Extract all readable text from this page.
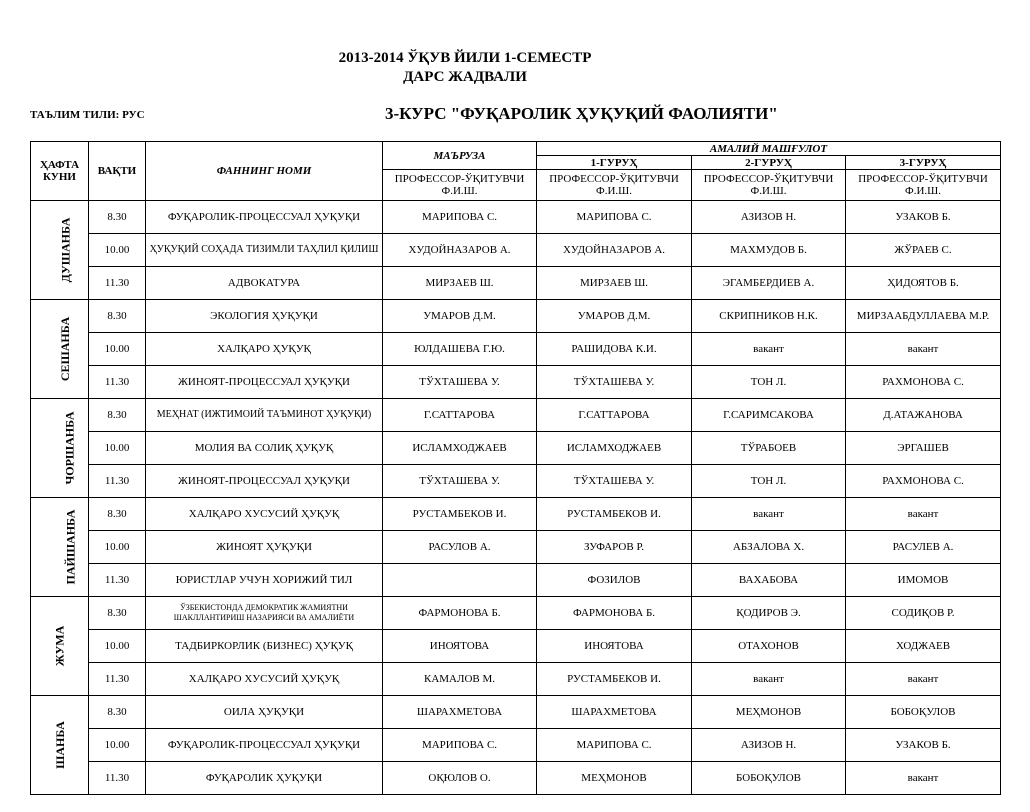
2013-2014 ЎҚУВ ЙИЛИ 1-СЕМЕСТР
ДАРС ЖАДВАЛИ
ТАЪЛИМ ТИЛИ: РУС	3-КУРС "ФУҚАРОЛИК ҲУҚУҚИЙ ФАОЛИЯТИ"
ҲАФТА КУНИ	ВАҚТИ	ФАННИНГ НОМИ	МАЪРУЗА	АМАЛИЙ МАШҒУЛОТ		
				1-ГУРУҲ	2-ГУРУҲ	3-ГУРУҲ
			ПРОФЕССОР-ЎҚИТУВЧИ Ф.И.Ш.	ПРОФЕССОР-ЎҚИТУВЧИ Ф.И.Ш.	ПРОФЕССОР-ЎҚИТУВЧИ Ф.И.Ш.	ПРОФЕССОР-ЎҚИТУВЧИ Ф.И.Ш.
ДУШАНБА	8.30	ФУҚАРОЛИК-ПРОЦЕССУАЛ ҲУҚУҚИ	МАРИПОВА С.	МАРИПОВА С.	АЗИЗОВ Н.	УЗАКОВ Б.
	10.00	ҲУҚУҚИЙ СОҲАДА ТИЗИМЛИ ТАҲЛИЛ ҚИЛИШ	ХУДОЙНАЗАРОВ А.	ХУДОЙНАЗАРОВ А.	МАХМУДОВ Б.	ЖЎРАЕВ С.
	11.30	АДВОКАТУРА	МИРЗАЕВ Ш.	МИРЗАЕВ Ш.	ЭГАМБЕРДИЕВ А.	ҲИДОЯТОВ Б.
СЕШАНБА	8.30	ЭКОЛОГИЯ ҲУҚУҚИ	УМАРОВ Д.М.	УМАРОВ Д.М.	СКРИПНИКОВ Н.К.	МИРЗААБДУЛЛАЕВА М.Р.
	10.00	ХАЛҚАРО ҲУҚУҚ	ЮЛДАШЕВА Г.Ю.	РАШИДОВА К.И.	вакант	вакант
	11.30	ЖИНОЯТ-ПРОЦЕССУАЛ ҲУҚУҚИ	ТЎХТАШЕВА У.	ТЎХТАШЕВА У.	ТОН Л.	РАХМОНОВА С.
ЧОРШАНБА	8.30	МЕҲНАТ (ИЖТИМОИЙ ТАЪМИНОТ ҲУҚУҚИ)	Г.САТТАРОВА	Г.САТТАРОВА	Г.САРИМСАКОВА	Д.АТАЖАНОВА
	10.00	МОЛИЯ ВА СОЛИҚ ҲУҚУҚ	ИСЛАМХОДЖАЕВ	ИСЛАМХОДЖАЕВ	ТЎРАБОЕВ	ЭРГАШЕВ
	11.30	ЖИНОЯТ-ПРОЦЕССУАЛ ҲУҚУҚИ	ТЎХТАШЕВА У.	ТЎХТАШЕВА У.	ТОН Л.	РАХМОНОВА С.
ПАЙШАНБА	8.30	ХАЛҚАРО ХУСУСИЙ ҲУҚУҚ	РУСТАМБЕКОВ И.	РУСТАМБЕКОВ И.	вакант	вакант
	10.00	ЖИНОЯТ ҲУҚУҚИ	РАСУЛОВ А.	ЗУФАРОВ Р.	АБЗАЛОВА Х.	РАСУЛЕВ А.
	11.30	ЮРИСТЛАР УЧУН ХОРИЖИЙ ТИЛ		ФОЗИЛОВ	ВАХАБОВА	ИМОМОВ
ЖУМА	8.30	ЎЗБЕКИСТОНДА ДЕМОКРАТИК ЖАМИЯТНИ ШАКЛЛАНТИРИШ НАЗАРИЯСИ ВА АМАЛИЁТИ	ФАРМОНОВА Б.	ФАРМОНОВА Б.	ҚОДИРОВ Э.	СОДИҚОВ Р.
	10.00	ТАДБИРКОРЛИК (БИЗНЕС) ҲУҚУҚ	ИНОЯТОВА	ИНОЯТОВА	ОТАХОНОВ	ХОДЖАЕВ
	11.30	ХАЛҚАРО ХУСУСИЙ ҲУҚУҚ	КАМАЛОВ М.	РУСТАМБЕКОВ И.	вакант	вакант
ШАНБА	8.30	ОИЛА ҲУҚУҚИ	ШАРАХМЕТОВА	ШАРАХМЕТОВА	МЕҲМОНОВ	БОБОҚУЛОВ
	10.00	ФУҚАРОЛИК-ПРОЦЕССУАЛ ҲУҚУҚИ	МАРИПОВА С.	МАРИПОВА С.	АЗИЗОВ Н.	УЗАКОВ Б.
	11.30	ФУҚАРОЛИК ҲУҚУҚИ	ОҚЮЛОВ О.	МЕҲМОНОВ	БОБОҚУЛОВ	вакант
